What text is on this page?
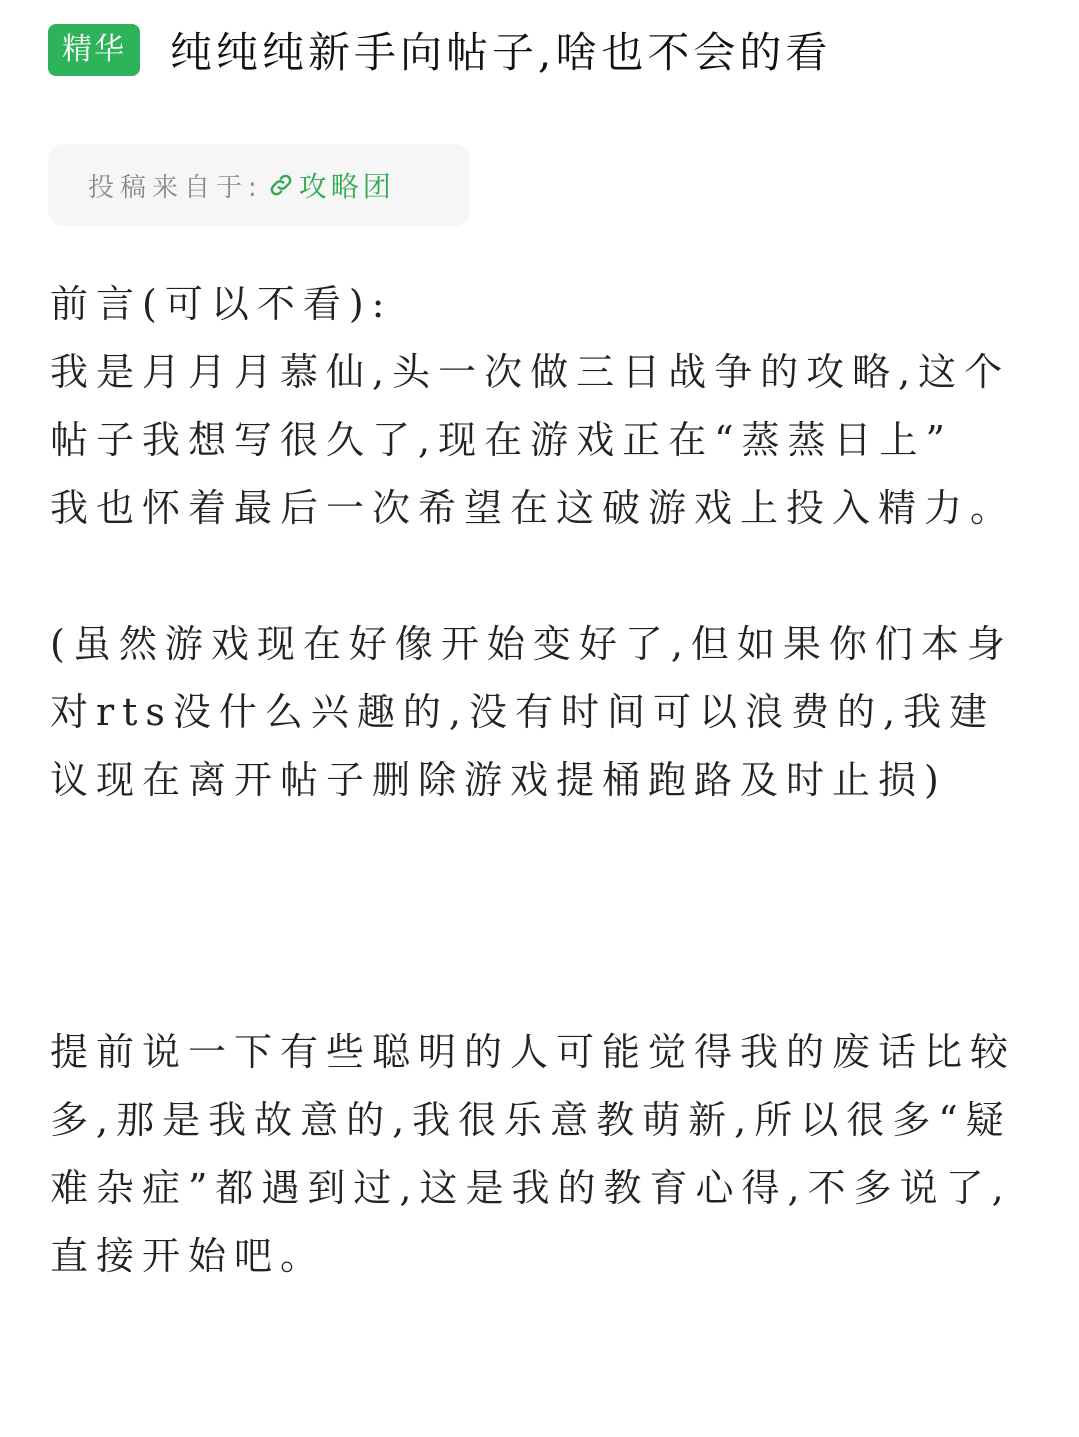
精华	纯纯纯新手向帖子,啥也不会的看
投稿来自于: 攻略团

前言(可以不看):
我是月月月慕仙,头一次做三日战争的攻略,这个帖子我想写很久了,现在游戏正在“蒸蒸日上”
我也怀着最后一次希望在这破游戏上投入精力。

(虽然游戏现在好像开始变好了,但如果你们本身对rts没什么兴趣的,没有时间可以浪费的,我建议现在离开帖子删除游戏提桶跑路及时止损)

提前说一下有些聪明的人可能觉得我的废话比较多,那是我故意的,我很乐意教萌新,所以很多“疑难杂症”都遇到过,这是我的教育心得,不多说了,直接开始吧。
